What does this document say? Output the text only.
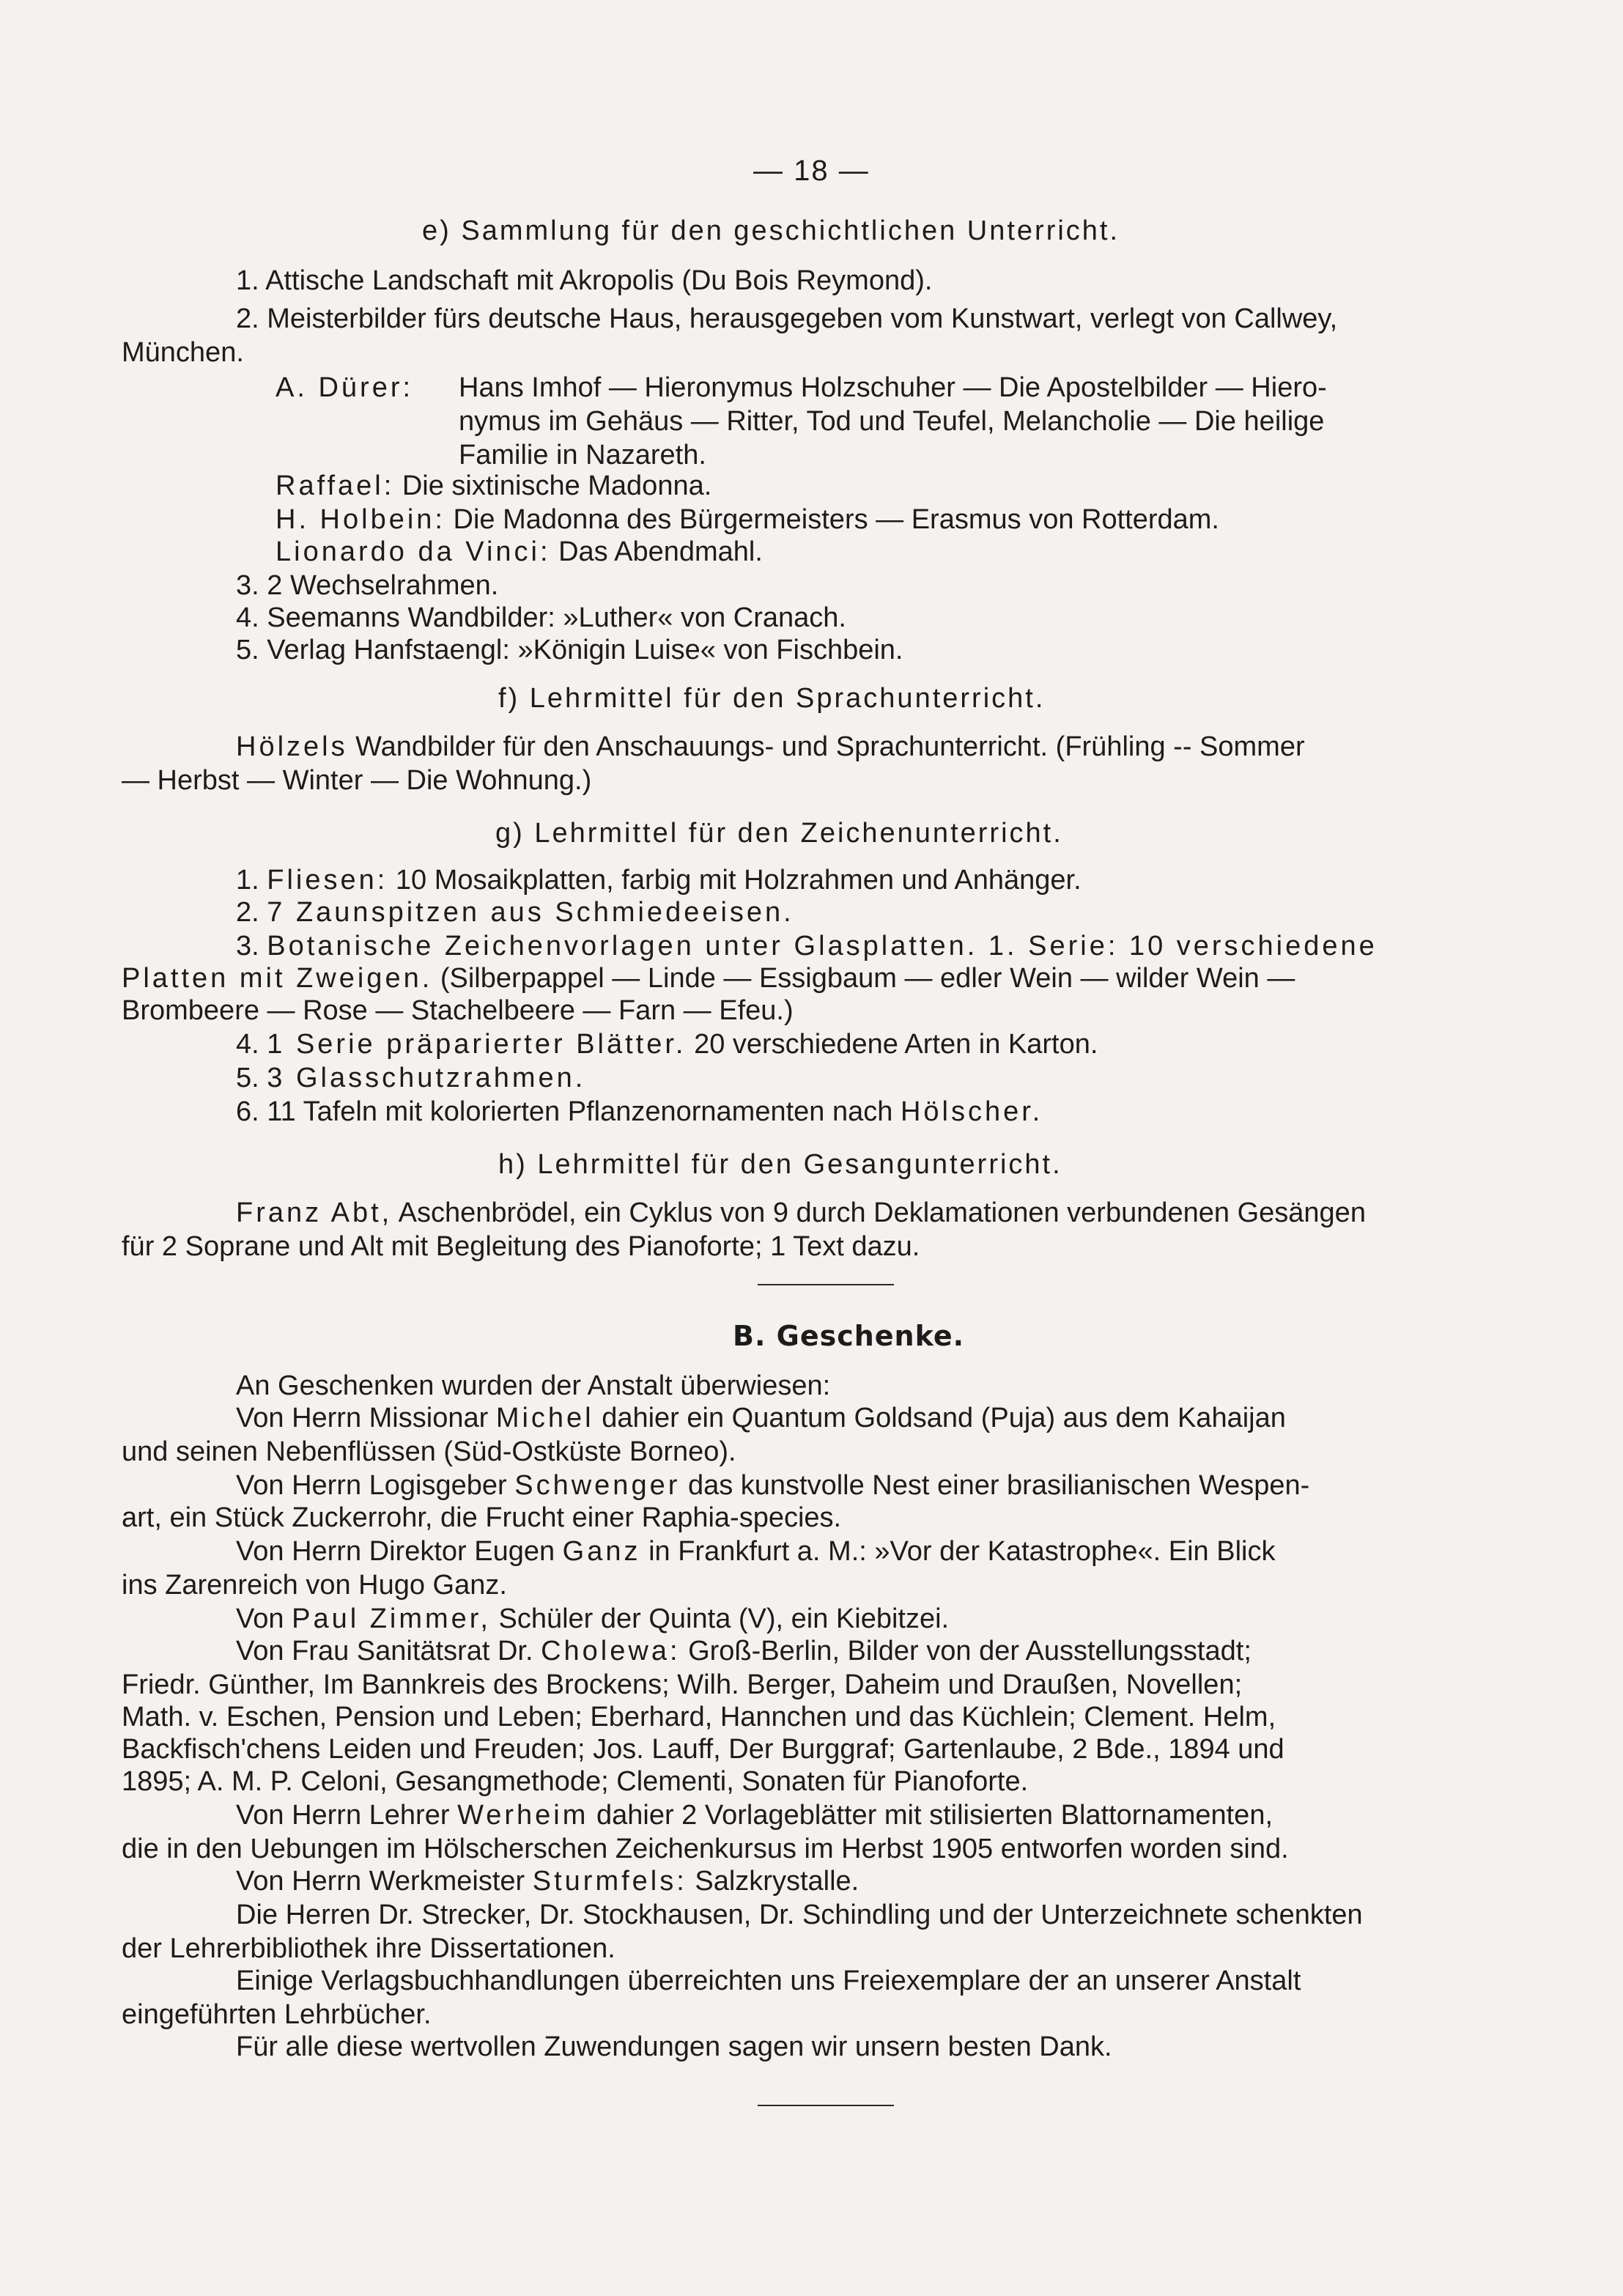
— 18 —

e) Sammlung für den geschichtlichen Unterricht.

1. Attische Landschaft mit Akropolis (Du Bois Reymond).

2. Meisterbilder fürs deutsche Haus, herausgegeben vom Kunstwart, verlegt von Callwey,

München.

A. Dürer: Hans Imhof — Hieronymus Holzschuher — Die Apostelbilder — Hiero-

nymus im Gehäus — Ritter, Tod und Teufel, Melancholie — Die heilige

Familie in Nazareth.

Raffael: Die sixtinische Madonna.

H. Holbein: Die Madonna des Bürgermeisters — Erasmus von Rotterdam.

Lionardo da Vinci: Das Abendmahl.

3. 2 Wechselrahmen.

4. Seemanns Wandbilder: »Luther« von Cranach.

5. Verlag Hanfstaengl: »Königin Luise« von Fischbein.

f) Lehrmittel für den Sprachunterricht.

Hölzels Wandbilder für den Anschauungs- und Sprachunterricht. (Frühling -- Sommer

— Herbst — Winter — Die Wohnung.)

g) Lehrmittel für den Zeichenunterricht.

1. Fliesen: 10 Mosaikplatten, farbig mit Holzrahmen und Anhänger.

2. 7 Zaunspitzen aus Schmiedeeisen.

3. Botanische Zeichenvorlagen unter Glasplatten. 1. Serie: 10 verschiedene

Platten mit Zweigen. (Silberpappel — Linde — Essigbaum — edler Wein — wilder Wein —

Brombeere — Rose — Stachelbeere — Farn — Efeu.)

4. 1 Serie präparierter Blätter. 20 verschiedene Arten in Karton.

5. 3 Glasschutzrahmen.

6. 11 Tafeln mit kolorierten Pflanzenornamenten nach Hölscher.

h) Lehrmittel für den Gesangunterricht.

Franz Abt, Aschenbrödel, ein Cyklus von 9 durch Deklamationen verbundenen Gesängen

für 2 Soprane und Alt mit Begleitung des Pianoforte; 1 Text dazu.

B. Geschenke.

An Geschenken wurden der Anstalt überwiesen:

Von Herrn Missionar Michel dahier ein Quantum Goldsand (Puja) aus dem Kahaijan

und seinen Nebenflüssen (Süd-Ostküste Borneo).

Von Herrn Logisgeber Schwenger das kunstvolle Nest einer brasilianischen Wespen-

art, ein Stück Zuckerrohr, die Frucht einer Raphia-species.

Von Herrn Direktor Eugen Ganz in Frankfurt a. M.: »Vor der Katastrophe«. Ein Blick

ins Zarenreich von Hugo Ganz.

Von Paul Zimmer, Schüler der Quinta (V), ein Kiebitzei.

Von Frau Sanitätsrat Dr. Cholewa: Groß-Berlin, Bilder von der Ausstellungsstadt;

Friedr. Günther, Im Bannkreis des Brockens; Wilh. Berger, Daheim und Draußen, Novellen;

Math. v. Eschen, Pension und Leben; Eberhard, Hannchen und das Küchlein; Clement. Helm,

Backfisch'chens Leiden und Freuden; Jos. Lauff, Der Burggraf; Gartenlaube, 2 Bde., 1894 und

1895; A. M. P. Celoni, Gesangmethode; Clementi, Sonaten für Pianoforte.

Von Herrn Lehrer Werheim dahier 2 Vorlageblätter mit stilisierten Blattornamenten,

die in den Uebungen im Hölscherschen Zeichenkursus im Herbst 1905 entworfen worden sind.

Von Herrn Werkmeister Sturmfels: Salzkrystalle.

Die Herren Dr. Strecker, Dr. Stockhausen, Dr. Schindling und der Unterzeichnete schenkten

der Lehrerbibliothek ihre Dissertationen.

Einige Verlagsbuchhandlungen überreichten uns Freiexemplare der an unserer Anstalt

eingeführten Lehrbücher.

Für alle diese wertvollen Zuwendungen sagen wir unsern besten Dank.
